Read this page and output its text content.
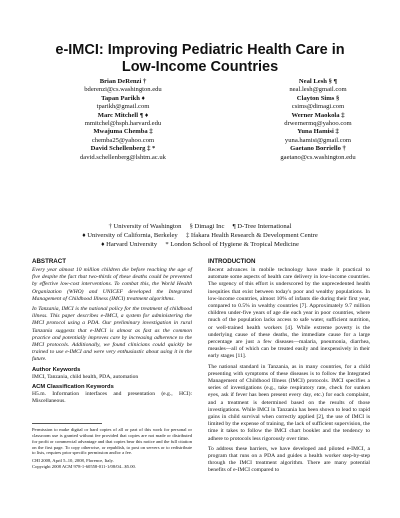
e-IMCI: Improving Pediatric Health Care in
Low-Income Countries
Brian DeRenzi †
bderenzi@cs.washington.edu
Tapan Parikh ♦
tparikh@gmail.com
Marc Mitchell ¶ ♦
mmitchel@hsph.harvard.edu
Mwajuma Chemba ‡
chemba25@yahoo.com
David Schellenberg ‡ *
david.schellenberg@lshtm.ac.uk
Neal Lesh § ¶
neal.lesh@gmail.com
Clayton Sims §
csims@dimagi.com
Werner Maokola ‡
drwernermq@yahoo.com
Yuna Hamisi ‡
yuna.hamisi@gmail.com
Gaetano Borriello †
gaetano@cs.washington.edu
† University of Washington     § Dimagi Inc     ¶ D-Tree International
♦ University of California, Berkeley     ‡ Ifakara Health Research & Development Centre
♦ Harvard University     * London School of Hygiene & Tropical Medicine
ABSTRACT

Every year almost 10 million children die before reaching the age of five despite the fact that two-thirds of these deaths could be prevented by effective low-cost interventions. To combat this, the World Health Organization (WHO) and UNICEF developed the Integrated Management of Childhood Illness (IMCI) treatment algorithms.

In Tanzania, IMCI is the national policy for the treatment of childhood illness. This paper describes e-IMCI, a system for administering the IMCI protocol using a PDA. Our preliminary investigation in rural Tanzania suggests that e-IMCI is almost as fast as the common practice and potentially improves care by increasing adherence to the IMCI protocols. Additionally, we found clinicians could quickly be trained to use e-IMCI and were very enthusiastic about using it in the future.

Author Keywords

IMCI, Tanzania, child health, PDA, automation

ACM Classification Keywords

H5.m. Information interfaces and presentation (e.g., HCI): Miscellaneous.

Permission to make digital or hard copies of all or part of this work for personal or classroom use is granted without fee provided that copies are not made or distributed for profit or commercial advantage and that copies bear this notice and the full citation on the first page. To copy otherwise, or republish, to post on servers or to redistribute to lists, requires prior specific permission and/or a fee.

CHI 2008, April 5–10, 2008, Florence, Italy.

Copyright 2008 ACM 978-1-60558-011-1/08/04...$5.00.

INTRODUCTION

Recent advances in mobile technology have made it practical to automate some aspects of health care delivery in low-income countries. The urgency of this effort is underscored by the unprecedented health inequities that exist between today's poor and wealthy populations. In low-income countries, almost 10% of infants die during their first year, compared to 0.5% in wealthy countries [7]. Approximately 9.7 million children under-five years of age die each year in poor countries, where much of the population lacks access to safe water, sufficient nutrition, or well-trained health workers [4]. While extreme poverty is the underlying cause of these deaths, the immediate cause for a large percentage are just a few diseases—malaria, pneumonia, diarrhea, measles—all of which can be treated easily and inexpensively in their early stages [11].

The national standard in Tanzania, as in many countries, for a child presenting with symptoms of these diseases is to follow the Integrated Management of Childhood Illness (IMCI) protocols. IMCI specifies a series of investigations (e.g., take respiratory rate, check for sunken eyes, ask if fever has been present every day, etc.) for each complaint, and a treatment is determined based on the results of those investigations. While IMCI in Tanzania has been shown to lead to rapid gains in child survival when correctly applied [2], the use of IMCI is limited by the expense of training, the lack of sufficient supervision, the time it takes to follow the IMCI chart booklet and the tendency to adhere to protocols less rigorously over time.

To address these barriers, we have developed and piloted e-IMCI, a program that runs on a PDA and guides a health worker step-by-step through the IMCI treatment algorithm. There are many potential benefits of e-IMCI compared to
